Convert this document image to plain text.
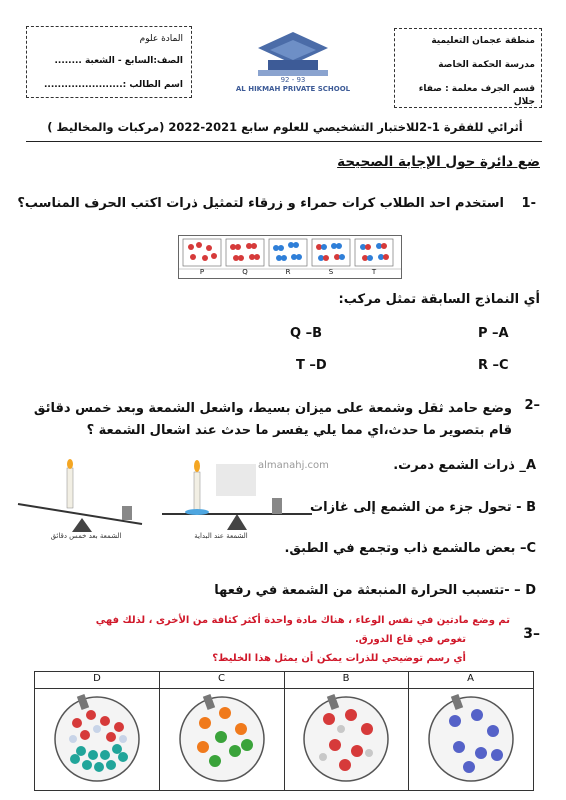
المادة علوم
الصف:السابع - الشعبة ........
اسم الطالب :.......................	92 - 93
AL HIKMAH PRIVATE SCHOOL
منطقة عجمان التعليمية
مدرسة الحكمة الخاصة
قسم الجرف معلمة : صفاء جلال
أثرائي للفقرة 1-2للاختبار التشخيصي للعلوم سابع 2021-2022 (مركبات والمخاليط )
ضع دائرة حول الإجابة الصحيحة
-1
استخدم احد الطلاب كرات حمراء و زرقاء لتمثيل ذرات اكتب الحرف المناسب؟
P	Q	R	S	T
أي النماذج السابقة تمثل مركب:
P –A
Q –B
R –C
T –D
–2
وضع حامد ثقل وشمعة على ميزان بسيط، واشعل الشمعة وبعد خمس دقائق قام بتصوير ما حدث،اي مما يلي يفسر ما حدث عند اشعال الشمعة ؟
الشمعة عند البداية
الشمعة بعد خمس دقائق
almanahj.com	A_ ذرات الشمع دمرت.
B - تحول جزء من الشمع إلى غازات
C– بعض مالشمع ذاب وتجمع في الطبق.
D – -تتسبب الحرارة المنبعثة من الشمعة في رفعها
–3
تم وضع مادتين في نفس الوعاء ، هناك مادة واحدة أكثر كثافة من الأخرى ، لذلك فهي
تغوص في قاع الدورق.
أي رسم توضيحي للذرات يمكن أن يمثل هذا الخليط؟
D	C	B	A
